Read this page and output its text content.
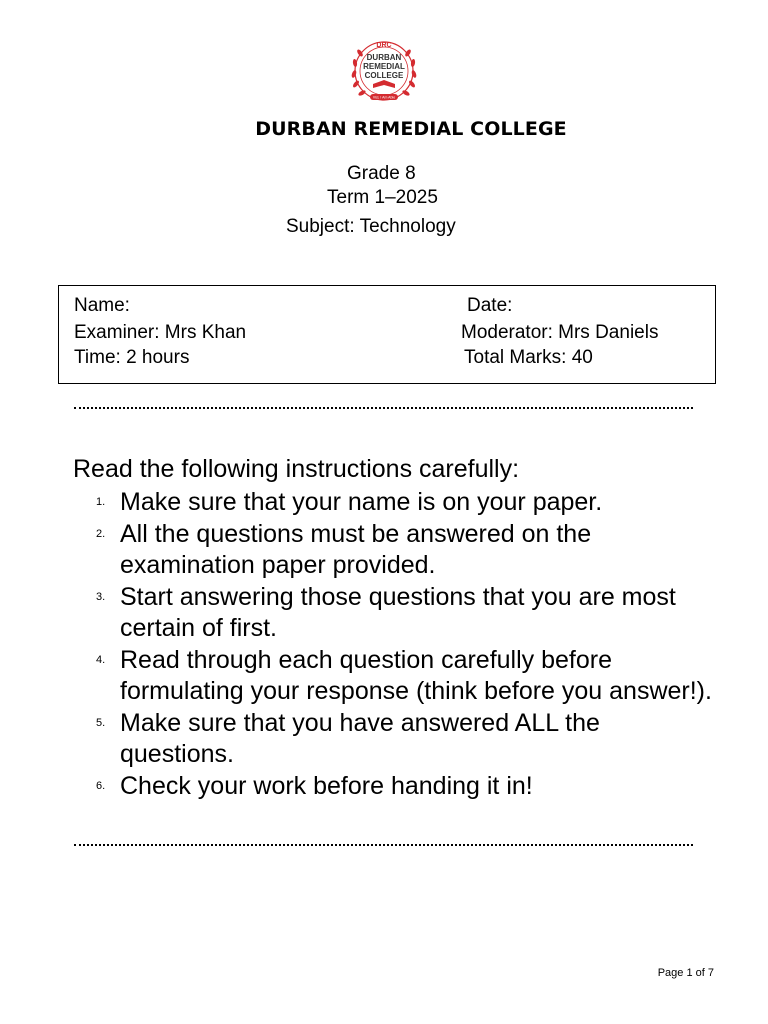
DRC
DURBAN
REMEDIAL
COLLEGE
Vici, I Am Able
DURBAN REMEDIAL COLLEGE
Grade 8
Term 1–2025
Subject: Technology
Name:	Date:
Examiner: Mrs Khan	Moderator: Mrs Daniels
Time: 2 hours	Total Marks: 40
Read the following instructions carefully:
1. Make sure that your name is on your paper.
2. All the questions must be answered on the examination paper provided.
3. Start answering those questions that you are most certain of first.
4. Read through each question carefully before formulating your response (think before you answer!).
5. Make sure that you have answered ALL the questions.
6. Check your work before handing it in!
Page 1 of 7
